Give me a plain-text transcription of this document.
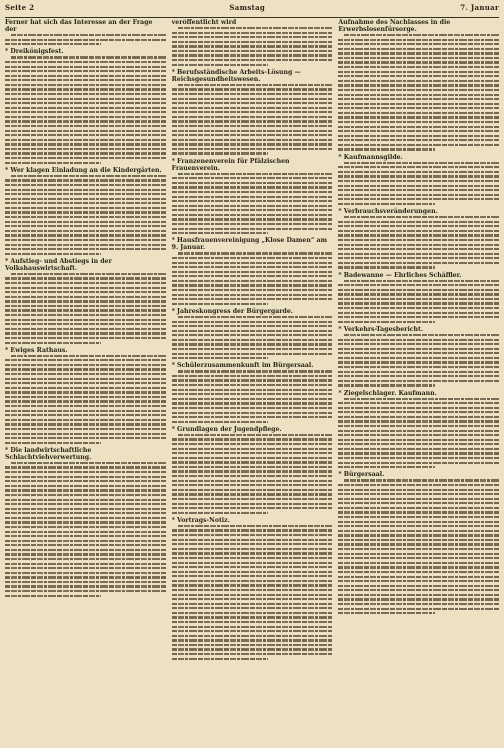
Seite 2	Samstag	7. Januar
Ferner hat sich das Interesse an der Frage der
* Dreikönigsfest.
* Wer klagen Einladung an die Kindergärten.
* Aufstieg- und Abstiegs in der Volkshauswirtschaft.
* Ewiges Rathaus.
* Die landwirtschaftliche Schlachtviehverwertung.
veröffentlicht wird
* Berufsständische Arbeits-Lösung — Reichsgesundheitswesen.
* Franzenenverein für Pfälzischen Frauenverein.
* Hausfrauenvereinigung „Klose Damen“ am 9. Januar.
* Jahreskongress der Bürgergarde.
* Schülerzusammenkunft im Bürgersaal.
* Grundlagen der Jugendpflege.
* Vortrags-Notiz.
Aufnahme des Nachlasses in die Erwerbslosenfürsorge.
* Kaufmannsgilde.
* Verbrauchsveränderungen.
* Badewanne — Ehrliches Schäffler.
* Verkehrs-Tagesbericht.
* Ziegelschlager. Kaufmann.
* Bürgersaal.
